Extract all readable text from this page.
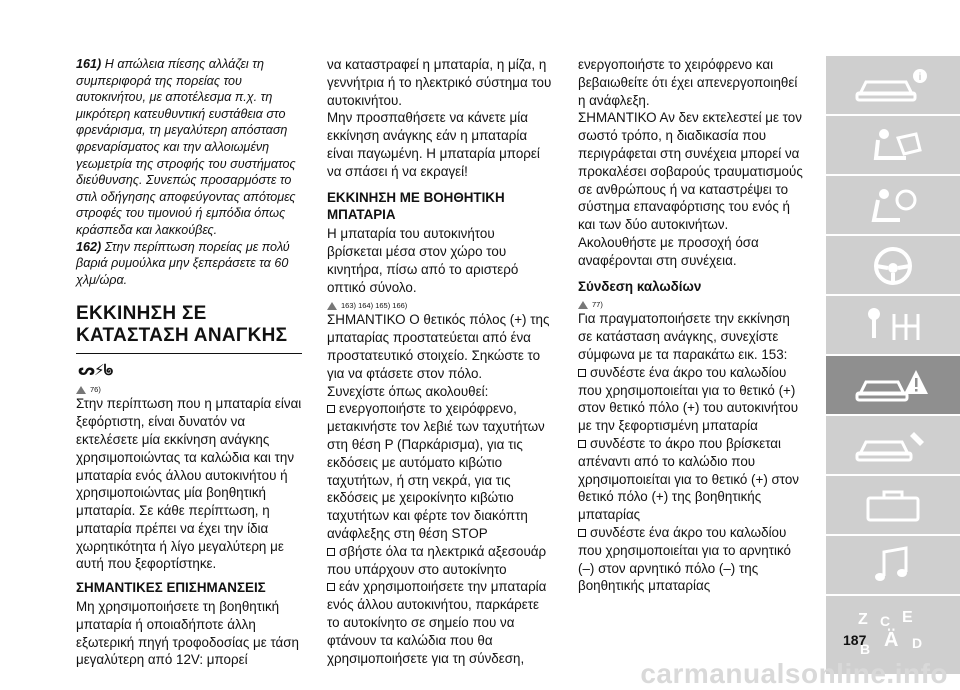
161) Η απώλεια πίεσης αλλάζει τη συμπεριφορά της πορείας του αυτοκινήτου, με αποτέλεσμα π.χ. τη μικρότερη κατευθυντική ευστάθεια στο φρενάρισμα, τη μεγαλύτερη απόσταση φρεναρίσματος και την αλλοιωμένη γεωμετρία της στροφής του συστήματος διεύθυνσης. Συνεπώς προσαρμόστε το στιλ οδήγησης αποφεύγοντας απότομες στροφές του τιμονιού ή εμπόδια όπως κράσπεδα και λακκούβες.

162) Στην περίπτωση πορείας με πολύ βαριά ρυμούλκα μην ξεπεράσετε τα 60 χλμ/ώρα.

ΕΚΚΙΝΗΣΗ ΣΕ ΚΑΤΑΣΤΑΣΗ ΑΝΑΓΚΗΣ
ᔕ⚡ᖚ
76)

Στην περίπτωση που η μπαταρία είναι ξεφόρτιστη, είναι δυνατόν να εκτελέσετε μία εκκίνηση ανάγκης χρησιμοποιώντας τα καλώδια και την μπαταρία ενός άλλου αυτοκινήτου ή χρησιμοποιώντας μία βοηθητική μπαταρία. Σε κάθε περίπτωση, η μπαταρία πρέπει να έχει την ίδια χωρητικότητα ή λίγο μεγαλύτερη με αυτή που ξεφορτίστηκε.

ΣΗΜΑΝΤΙΚΕΣ ΕΠΙΣΗΜΑΝΣΕΙΣ

Μη χρησιμοποιήσετε τη βοηθητική μπαταρία ή οποιαδήποτε άλλη εξωτερική πηγή τροφοδοσίας με τάση μεγαλύτερη από 12V: μπορεί

να καταστραφεί η μπαταρία, η μίζα, η γεννήτρια ή το ηλεκτρικό σύστημα του αυτοκινήτου.

Μην προσπαθήσετε να κάνετε μία εκκίνηση ανάγκης εάν η μπαταρία είναι παγωμένη. Η μπαταρία μπορεί να σπάσει ή να εκραγεί!

ΕΚΚΙΝΗΣΗ ΜΕ ΒΟΗΘΗΤΙΚΗ ΜΠΑΤΑΡΙΑ

Η μπαταρία του αυτοκινήτου βρίσκεται μέσα στον χώρο του κινητήρα, πίσω από το αριστερό οπτικό σύνολο.

163) 164) 165) 166)

ΣΗΜΑΝΤΙΚΟ Ο θετικός πόλος (+) της μπαταρίας προστατεύεται από ένα προστατευτικό στοιχείο. Σηκώστε το για να φτάσετε στον πόλο.

Συνεχίστε όπως ακολουθεί:

ενεργοποιήστε το χειρόφρενο, μετακινήστε τον λεβιέ των ταχυτήτων στη θέση P (Παρκάρισμα), για τις εκδόσεις με αυτόματο κιβώτιο ταχυτήτων, ή στη νεκρά, για τις εκδόσεις με χειροκίνητο κιβώτιο ταχυτήτων και φέρτε τον διακόπτη ανάφλεξης στη θέση STOP

σβήστε όλα τα ηλεκτρικά αξεσουάρ που υπάρχουν στο αυτοκίνητο

εάν χρησιμοποιήσετε την μπαταρία ενός άλλου αυτοκινήτου, παρκάρετε το αυτοκίνητο σε σημείο που να φτάνουν τα καλώδια που θα χρησιμοποιήσετε για τη σύνδεση,

ενεργοποιήστε το χειρόφρενο και βεβαιωθείτε ότι έχει απενεργοποιηθεί η ανάφλεξη.

ΣΗΜΑΝΤΙΚΟ Αν δεν εκτελεστεί με τον σωστό τρόπο, η διαδικασία που περιγράφεται στη συνέχεια μπορεί να προκαλέσει σοβαρούς τραυματισμούς σε ανθρώπους ή να καταστρέψει το σύστημα επαναφόρτισης του ενός ή και των δύο αυτοκινήτων. Ακολουθήστε με προσοχή όσα αναφέρονται στη συνέχεια.

Σύνδεση καλωδίων
77)

Για πραγματοποιήσετε την εκκίνηση σε κατάσταση ανάγκης, συνεχίστε σύμφωνα με τα παρακάτω εικ. 153:

συνδέστε ένα άκρο του καλωδίου που χρησιμοποιείται για το θετικό (+) στον θετικό πόλο (+) του αυτοκινήτου με την ξεφορτισμένη μπαταρία

συνδέστε το άκρο που βρίσκεται απέναντι από το καλώδιο που χρησιμοποιείται για το θετικό (+) στον θετικό πόλο (+) της βοηθητικής μπαταρίας

συνδέστε ένα άκρο του καλωδίου που χρησιμοποιείται για το αρνητικό (–) στον αρνητικό πόλο (–) της βοηθητικής μπαταρίας

i
Z C E
Ä
B	D
187
carmanualsonline.info
